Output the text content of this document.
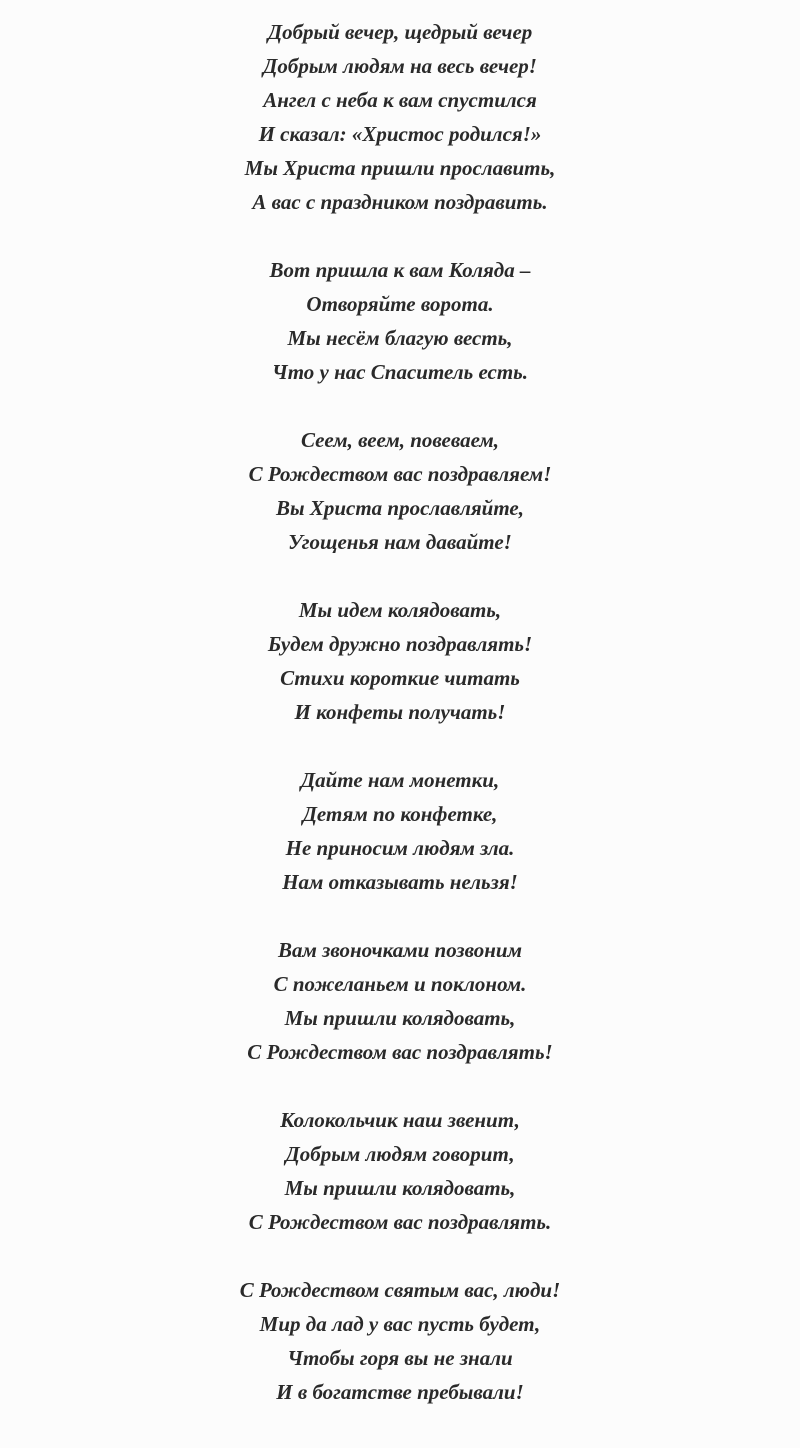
Добрый вечер, щедрый вечер
Добрым людям на весь вечер!
Ангел с неба к вам спустился
И сказал: «Христос родился!»
Мы Христа пришли прославить,
А вас с праздником поздравить.
Вот пришла к вам Коляда –
Отворяйте ворота.
Мы несём благую весть,
Что у нас Спаситель есть.
Сеем, веем, повеваем,
С Рождеством вас поздравляем!
Вы Христа прославляйте,
Угощенья нам давайте!
Мы идем колядовать,
Будем дружно поздравлять!
Стихи короткие читать
И конфеты получать!
Дайте нам монетки,
Детям по конфетке,
Не приносим людям зла.
Нам отказывать нельзя!
Вам звоночками позвоним
С пожеланьем и поклоном.
Мы пришли колядовать,
С Рождеством вас поздравлять!
Колокольчик наш звенит,
Добрым людям говорит,
Мы пришли колядовать,
С Рождеством вас поздравлять.
С Рождеством святым вас, люди!
Мир да лад у вас пусть будет,
Чтобы горя вы не знали
И в богатстве пребывали!
